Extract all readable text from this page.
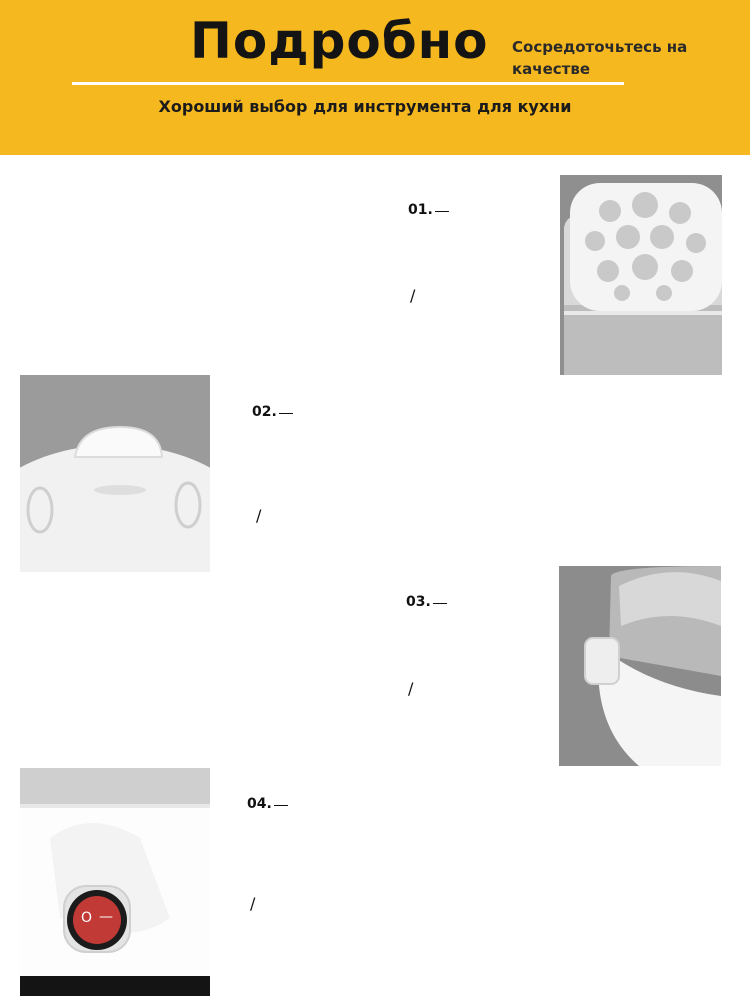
Подробно Сосредоточьтесь на качестве
Хороший выбор для инструмента для кухни
01.
/
02.
/
03.
/
O —
04.
/
